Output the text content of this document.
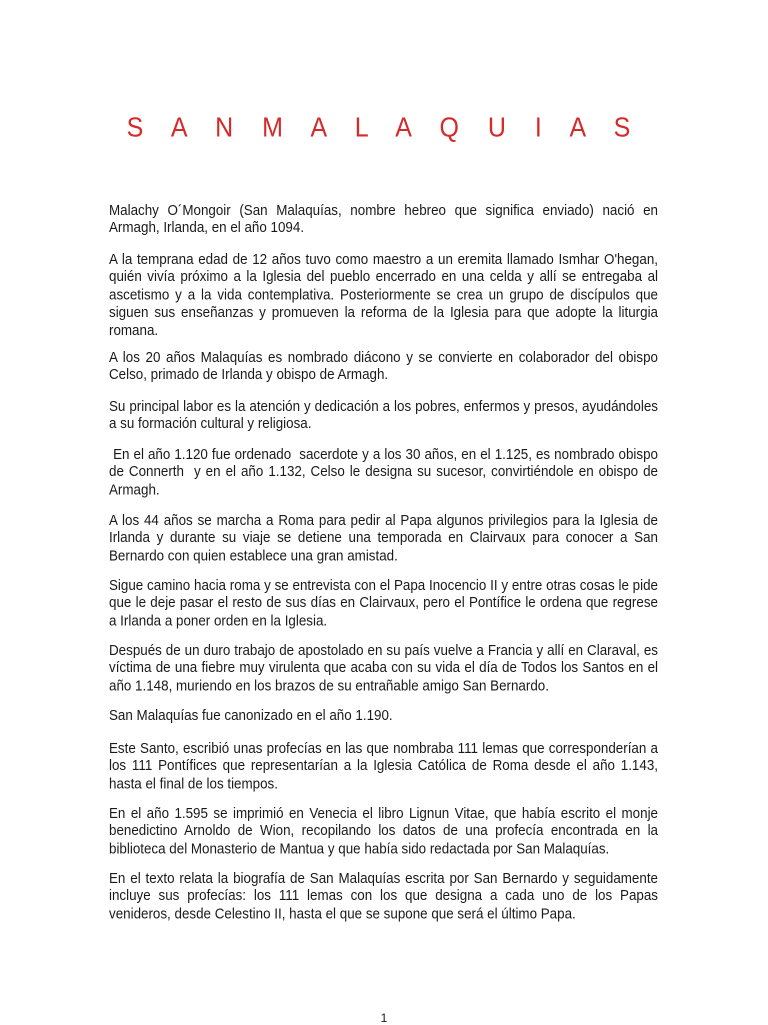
S A N M A L A Q U I A S

Malachy O´Mongoir (San Malaquías, nombre hebreo que significa enviado) nació en Armagh, Irlanda, en el año 1094.

A la temprana edad de 12 años tuvo como maestro a un eremita llamado Ismhar O'hegan, quién vivía próximo a la Iglesia del pueblo encerrado en una celda y allí se entregaba al ascetismo y a la vida contemplativa. Posteriormente se crea un grupo de discípulos que siguen sus enseñanzas y promueven la reforma de la Iglesia para que adopte la liturgia romana.

A los 20 años Malaquías es nombrado diácono y se convierte en colaborador del obispo Celso, primado de Irlanda y obispo de Armagh.

Su principal labor es la atención y dedicación a los pobres, enfermos y presos, ayudándoles a su formación cultural y religiosa.

En el año 1.120 fue ordenado  sacerdote y a los 30 años, en el 1.125, es nombrado obispo de Connerth  y en el año 1.132, Celso le designa su sucesor, convirtiéndole en obispo de Armagh.

A los 44 años se marcha a Roma para pedir al Papa algunos privilegios para la Iglesia de Irlanda y durante su viaje se detiene una temporada en Clairvaux para conocer a San Bernardo con quien establece una gran amistad.

Sigue camino hacia roma y se entrevista con el Papa Inocencio II y entre otras cosas le pide que le deje pasar el resto de sus días en Clairvaux, pero el Pontífice le ordena que regrese a Irlanda a poner orden en la Iglesia.

Después de un duro trabajo de apostolado en su país vuelve a Francia y allí en Claraval, es víctima de una fiebre muy virulenta que acaba con su vida el día de Todos los Santos en el año 1.148, muriendo en los brazos de su entrañable amigo San Bernardo.

San Malaquías fue canonizado en el año 1.190.

Este Santo, escribió unas profecías en las que nombraba 111 lemas que corresponderían a los 111 Pontífices que representarían a la Iglesia Católica de Roma desde el año 1.143, hasta el final de los tiempos.

En el año 1.595 se imprimió en Venecia el libro Lignun Vitae, que había escrito el monje benedictino Arnoldo de Wion, recopilando los datos de una profecía encontrada en la biblioteca del Monasterio de Mantua y que había sido redactada por San Malaquías.

En el texto relata la biografía de San Malaquías escrita por San Bernardo y seguidamente incluye sus profecías: los 111 lemas con los que designa a cada uno de los Papas venideros, desde Celestino II, hasta el que se supone que será el último Papa.

1
